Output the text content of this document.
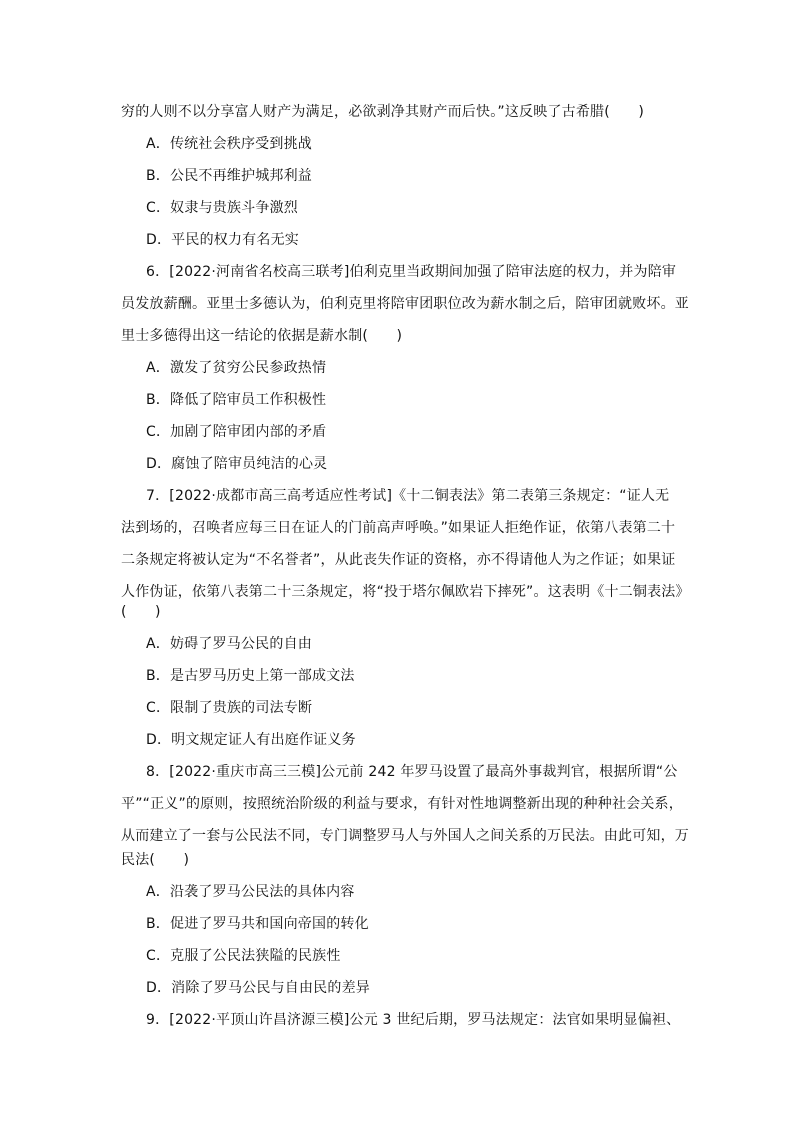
穷的人则不以分享富人财产为满足，必欲剥净其财产而后快。”这反映了古希腊(　　)
A．传统社会秩序受到挑战
B．公民不再维护城邦利益
C．奴隶与贵族斗争激烈
D．平民的权力有名无实
6．[2022·河南省名校高三联考]伯利克里当政期间加强了陪审法庭的权力，并为陪审
员发放薪酬。亚里士多德认为，伯利克里将陪审团职位改为薪水制之后，陪审团就败坏。亚
里士多德得出这一结论的依据是薪水制(　　)
A．激发了贫穷公民参政热情
B．降低了陪审员工作积极性
C．加剧了陪审团内部的矛盾
D．腐蚀了陪审员纯洁的心灵
7．[2022·成都市高三高考适应性考试]《十二铜表法》第二表第三条规定：“证人无
法到场的，召唤者应每三日在证人的门前高声呼唤。”如果证人拒绝作证，依第八表第二十
二条规定将被认定为“不名誉者”，从此丧失作证的资格，亦不得请他人为之作证；如果证
人作伪证，依第八表第二十三条规定，将“投于塔尔佩欧岩下摔死”。这表明《十二铜表法》
(　　)
A．妨碍了罗马公民的自由
B．是古罗马历史上第一部成文法
C．限制了贵族的司法专断
D．明文规定证人有出庭作证义务
8．[2022·重庆市高三三模]公元前 242 年罗马设置了最高外事裁判官，根据所谓“公
平”“正义”的原则，按照统治阶级的利益与要求，有针对性地调整新出现的种种社会关系，
从而建立了一套与公民法不同，专门调整罗马人与外国人之间关系的万民法。由此可知，万
民法(　　)
A．沿袭了罗马公民法的具体内容
B．促进了罗马共和国向帝国的转化
C．克服了公民法狭隘的民族性
D．消除了罗马公民与自由民的差异
9．[2022·平顶山许昌济源三模]公元 3 世纪后期，罗马法规定：法官如果明显偏袒、
